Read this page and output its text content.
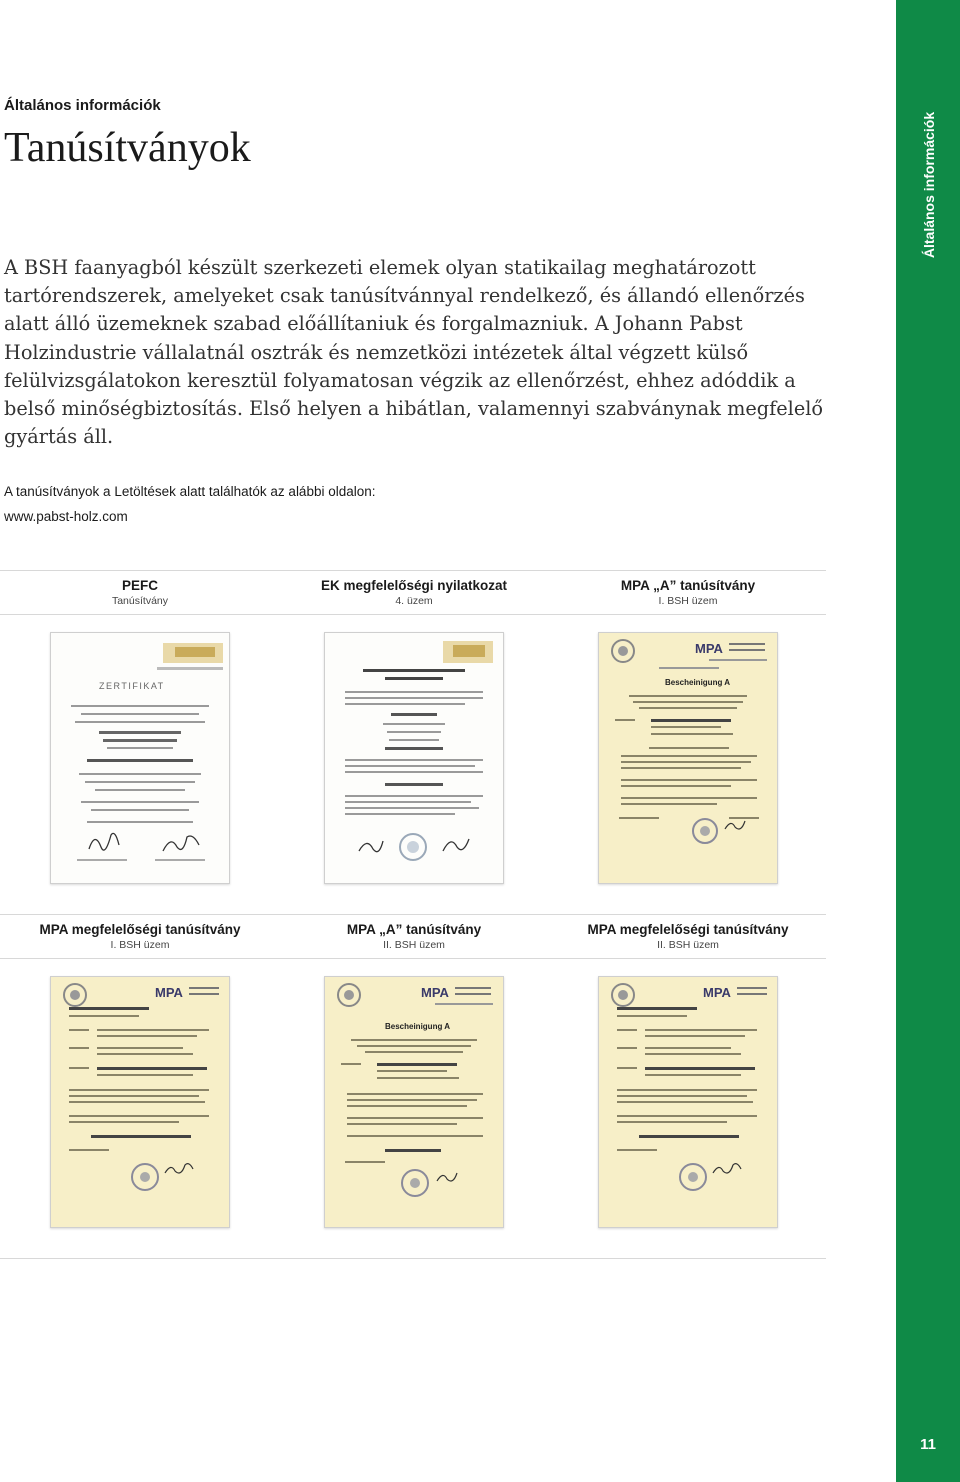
Általános információk
11
Általános információk
Tanúsítványok

A BSH faanyagból készült szerkezeti elemek olyan statikailag meghatározott tartórendszerek, amelyeket csak tanúsítvánnyal rendelkező, és állandó ellenőrzés alatt álló üzemeknek szabad előállítaniuk és forgalmazniuk. A Johann Pabst Holzindustrie vállalatnál osztrák és nemzetközi intézetek által végzett külső felülvizsgálatokon keresztül folyamatosan végzik az ellenőrzést, ehhez adóddik a belső minőségbiztosítás. Első helyen a hibátlan, valamennyi szabványnak megfelelő gyártás áll.

A tanúsítványok a Letöltések alatt találhatók az alábbi oldalon:
www.pabst-holz.com
PEFC
Tanúsítvány
EK megfelelőségi nyilatkozat
4. üzem
MPA „A” tanúsítvány
I. BSH üzem
ZERTIFIKAT
MPA
Bescheinigung A
MPA megfelelőségi tanúsítvány
I. BSH üzem
MPA „A” tanúsítvány
II. BSH üzem
MPA megfelelőségi tanúsítvány
II. BSH üzem
MPA	MPA
Bescheinigung A
MPA
